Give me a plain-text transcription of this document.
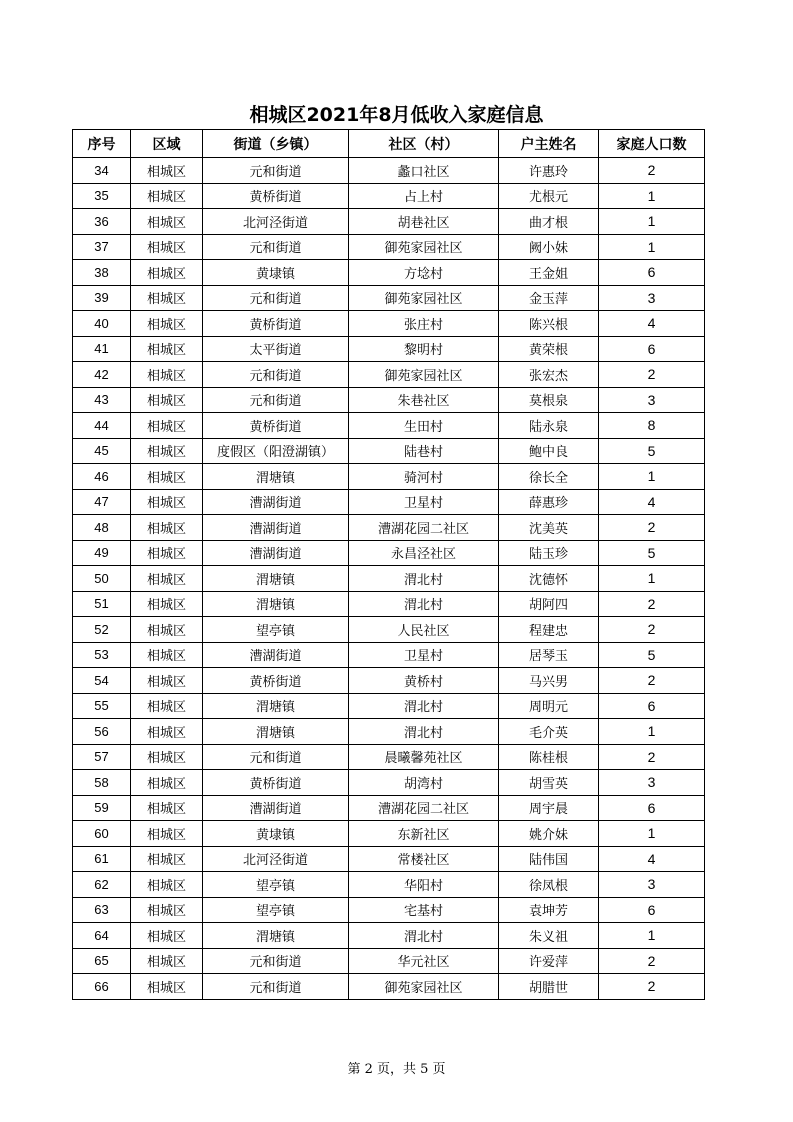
相城区2021年8月低收入家庭信息
序号	区域	街道（乡镇）	社区（村）	户主姓名	家庭人口数
34	相城区	元和街道	蠡口社区	许惠玲	2
35	相城区	黄桥街道	占上村	尤根元	1
36	相城区	北河泾街道	胡巷社区	曲才根	1
37	相城区	元和街道	御苑家园社区	阙小妹	1
38	相城区	黄埭镇	方埝村	王金姐	6
39	相城区	元和街道	御苑家园社区	金玉萍	3
40	相城区	黄桥街道	张庄村	陈兴根	4
41	相城区	太平街道	黎明村	黄荣根	6
42	相城区	元和街道	御苑家园社区	张宏杰	2
43	相城区	元和街道	朱巷社区	莫根泉	3
44	相城区	黄桥街道	生田村	陆永泉	8
45	相城区	度假区（阳澄湖镇）	陆巷村	鲍中良	5
46	相城区	渭塘镇	骑河村	徐长全	1
47	相城区	漕湖街道	卫星村	薛惠珍	4
48	相城区	漕湖街道	漕湖花园二社区	沈美英	2
49	相城区	漕湖街道	永昌泾社区	陆玉珍	5
50	相城区	渭塘镇	渭北村	沈德怀	1
51	相城区	渭塘镇	渭北村	胡阿四	2
52	相城区	望亭镇	人民社区	程建忠	2
53	相城区	漕湖街道	卫星村	居琴玉	5
54	相城区	黄桥街道	黄桥村	马兴男	2
55	相城区	渭塘镇	渭北村	周明元	6
56	相城区	渭塘镇	渭北村	毛介英	1
57	相城区	元和街道	晨曦馨苑社区	陈桂根	2
58	相城区	黄桥街道	胡湾村	胡雪英	3
59	相城区	漕湖街道	漕湖花园二社区	周宇晨	6
60	相城区	黄埭镇	东新社区	姚介妹	1
61	相城区	北河泾街道	常楼社区	陆伟国	4
62	相城区	望亭镇	华阳村	徐凤根	3
63	相城区	望亭镇	宅基村	袁坤芳	6
64	相城区	渭塘镇	渭北村	朱义祖	1
65	相城区	元和街道	华元社区	许爱萍	2
66	相城区	元和街道	御苑家园社区	胡腊世	2
第 2 页，共 5 页
